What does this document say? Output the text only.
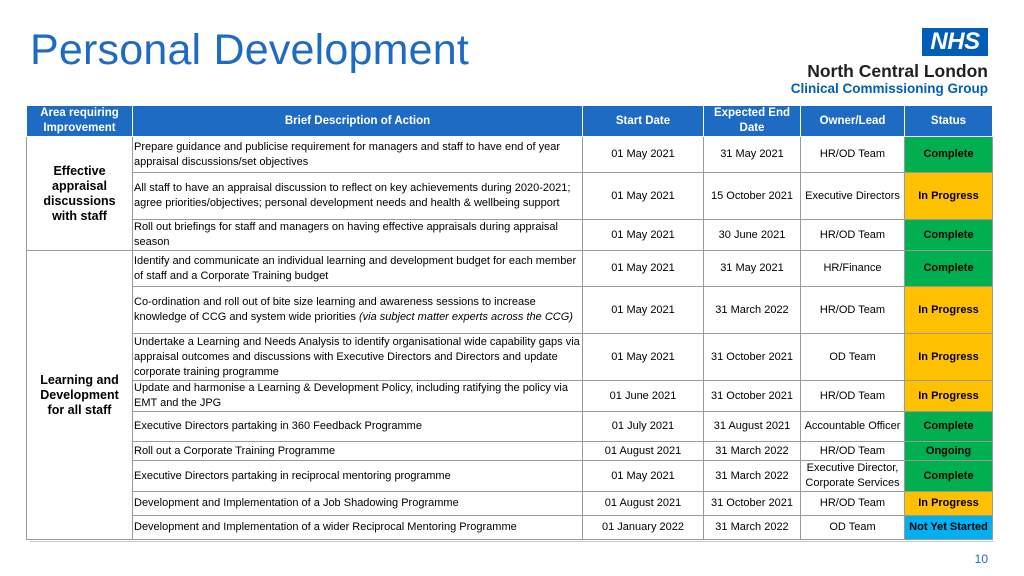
Personal Development	NHS
North Central London
Clinical Commissioning Group
Area requiring Improvement	Brief Description of Action	Start Date	Expected End Date	Owner/Lead	Status

Effective appraisal discussions with staff	Prepare guidance and publicise requirement for managers and staff to have end of year appraisal discussions/set objectives	01 May 2021	31 May 2021	HR/OD Team	Complete
	All staff to have an appraisal discussion to reflect on key achievements during 2020-2021; agree priorities/objectives; personal development needs and health & wellbeing support	01 May 2021	15 October 2021	Executive Directors	In Progress
	Roll out briefings for staff and managers on having effective appraisals during appraisal season	01 May 2021	30 June 2021	HR/OD Team	Complete

Learning and Development for all staff	Identify and communicate an individual learning and development budget for each member of staff and a Corporate Training budget	01 May 2021	31 May 2021	HR/Finance	Complete
	Co-ordination and roll out of bite size learning and awareness sessions to increase knowledge of CCG and system wide priorities (via subject matter experts across the CCG)	01 May 2021	31 March 2022	HR/OD Team	In Progress
	Undertake a Learning and Needs Analysis to identify organisational wide capability gaps via appraisal outcomes and discussions with Executive Directors and Directors and update corporate training programme	01 May 2021	31 October 2021	OD Team	In Progress
	Update and harmonise a Learning & Development Policy, including ratifying the policy via EMT and the JPG	01 June 2021	31 October 2021	HR/OD Team	In Progress
	Executive Directors partaking in 360 Feedback Programme	01 July 2021	31 August 2021	Accountable Officer	Complete
	Roll out a Corporate Training Programme	01 August 2021	31 March 2022	HR/OD Team	Ongoing
	Executive Directors partaking in reciprocal mentoring programme	01 May 2021	31 March 2022	Executive Director, Corporate Services	Complete
	Development and Implementation of a Job Shadowing Programme	01 August 2021	31 October 2021	HR/OD Team	In Progress
	Development and Implementation of a wider Reciprocal Mentoring Programme	01 January 2022	31 March 2022	OD Team	Not Yet Started
10
